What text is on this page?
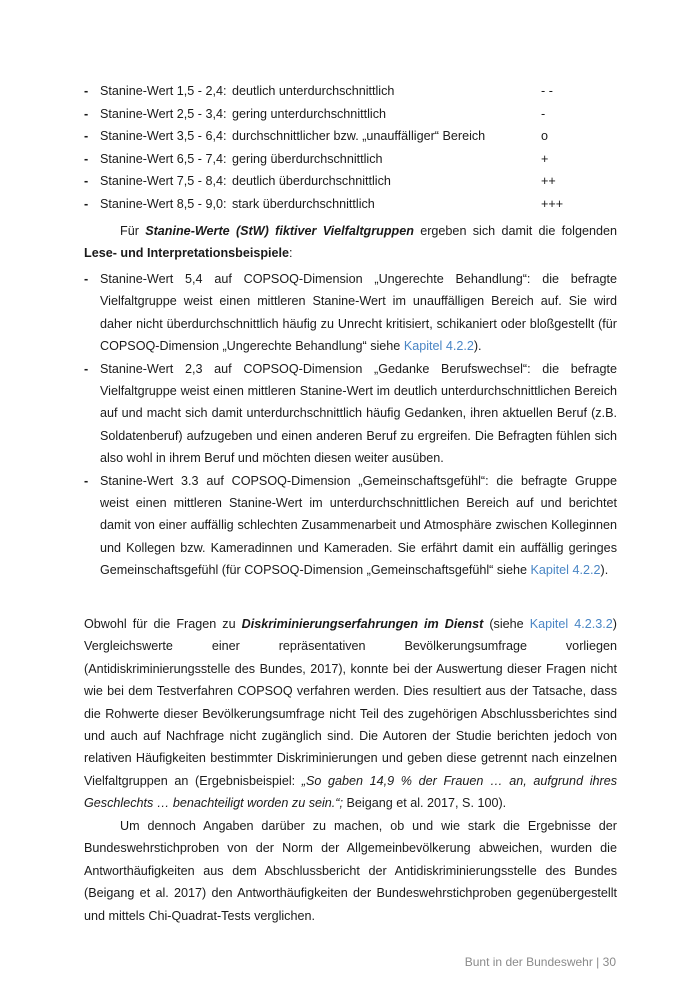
- Stanine-Wert 1,5 - 2,4: deutlich unterdurchschnittlich	- -
- Stanine-Wert 2,5 - 3,4: gering unterdurchschnittlich	-
- Stanine-Wert 3,5 - 6,4: durchschnittlicher bzw. „unauffälliger“ Bereich	o
- Stanine-Wert 6,5 - 7,4: gering überdurchschnittlich	+
- Stanine-Wert 7,5 - 8,4: deutlich überdurchschnittlich	++
- Stanine-Wert 8,5 - 9,0: stark überdurchschnittlich	+++

Für Stanine-Werte (StW) fiktiver Vielfaltgruppen ergeben sich damit die folgenden Lese- und Interpretationsbeispiele:

- Stanine-Wert 5,4 auf COPSOQ-Dimension „Ungerechte Behandlung“: die befragte Vielfaltgruppe weist einen mittleren Stanine-Wert im unauffälligen Bereich auf. Sie wird daher nicht überdurchschnittlich häufig zu Unrecht kritisiert, schikaniert oder bloßgestellt (für COPSOQ-Dimension „Ungerechte Behandlung“ siehe Kapitel 4.2.2).
- Stanine-Wert 2,3 auf COPSOQ-Dimension „Gedanke Berufswechsel“: die befragte Vielfaltgruppe weist einen mittleren Stanine-Wert im deutlich unterdurchschnittlichen Bereich auf und macht sich damit unterdurchschnittlich häufig Gedanken, ihren aktuellen Beruf (z.B. Soldatenberuf) aufzugeben und einen anderen Beruf zu ergreifen. Die Befragten fühlen sich also wohl in ihrem Beruf und möchten diesen weiter ausüben.
- Stanine-Wert 3.3 auf COPSOQ-Dimension „Gemeinschaftsgefühl“: die befragte Gruppe weist einen mittleren Stanine-Wert im unterdurchschnittlichen Bereich auf und berichtet damit von einer auffällig schlechten Zusammenarbeit und Atmosphäre zwischen Kolleginnen und Kollegen bzw. Kameradinnen und Kameraden. Sie erfährt damit ein auffällig geringes Gemeinschaftsgefühl (für COPSOQ-Dimension „Gemeinschaftsgefühl“ siehe Kapitel 4.2.2).

Obwohl für die Fragen zu Diskriminierungserfahrungen im Dienst (siehe Kapitel 4.2.3.2) Vergleichswerte einer repräsentativen Bevölkerungsumfrage vorliegen (Antidiskriminierungsstelle des Bundes, 2017), konnte bei der Auswertung dieser Fragen nicht wie bei dem Testverfahren COPSOQ verfahren werden. Dies resultiert aus der Tatsache, dass die Rohwerte dieser Bevölkerungsumfrage nicht Teil des zugehörigen Abschlussberichtes sind und auch auf Nachfrage nicht zugänglich sind. Die Autoren der Studie berichten jedoch von relativen Häufigkeiten bestimmter Diskriminierungen und geben diese getrennt nach einzelnen Vielfaltgruppen an (Ergebnisbeispiel: „So gaben 14,9 % der Frauen … an, aufgrund ihres Geschlechts … benachteiligt worden zu sein.“; Beigang et al. 2017, S. 100).

Um dennoch Angaben darüber zu machen, ob und wie stark die Ergebnisse der Bundeswehrstichproben von der Norm der Allgemeinbevölkerung abweichen, wurden die Antworthäufigkeiten aus dem Abschlussbericht der Antidiskriminierungsstelle des Bundes (Beigang et al. 2017) den Antworthäufigkeiten der Bundeswehrstichproben gegenübergestellt und mittels Chi-Quadrat-Tests verglichen.

Bunt in der Bundeswehr | 30
